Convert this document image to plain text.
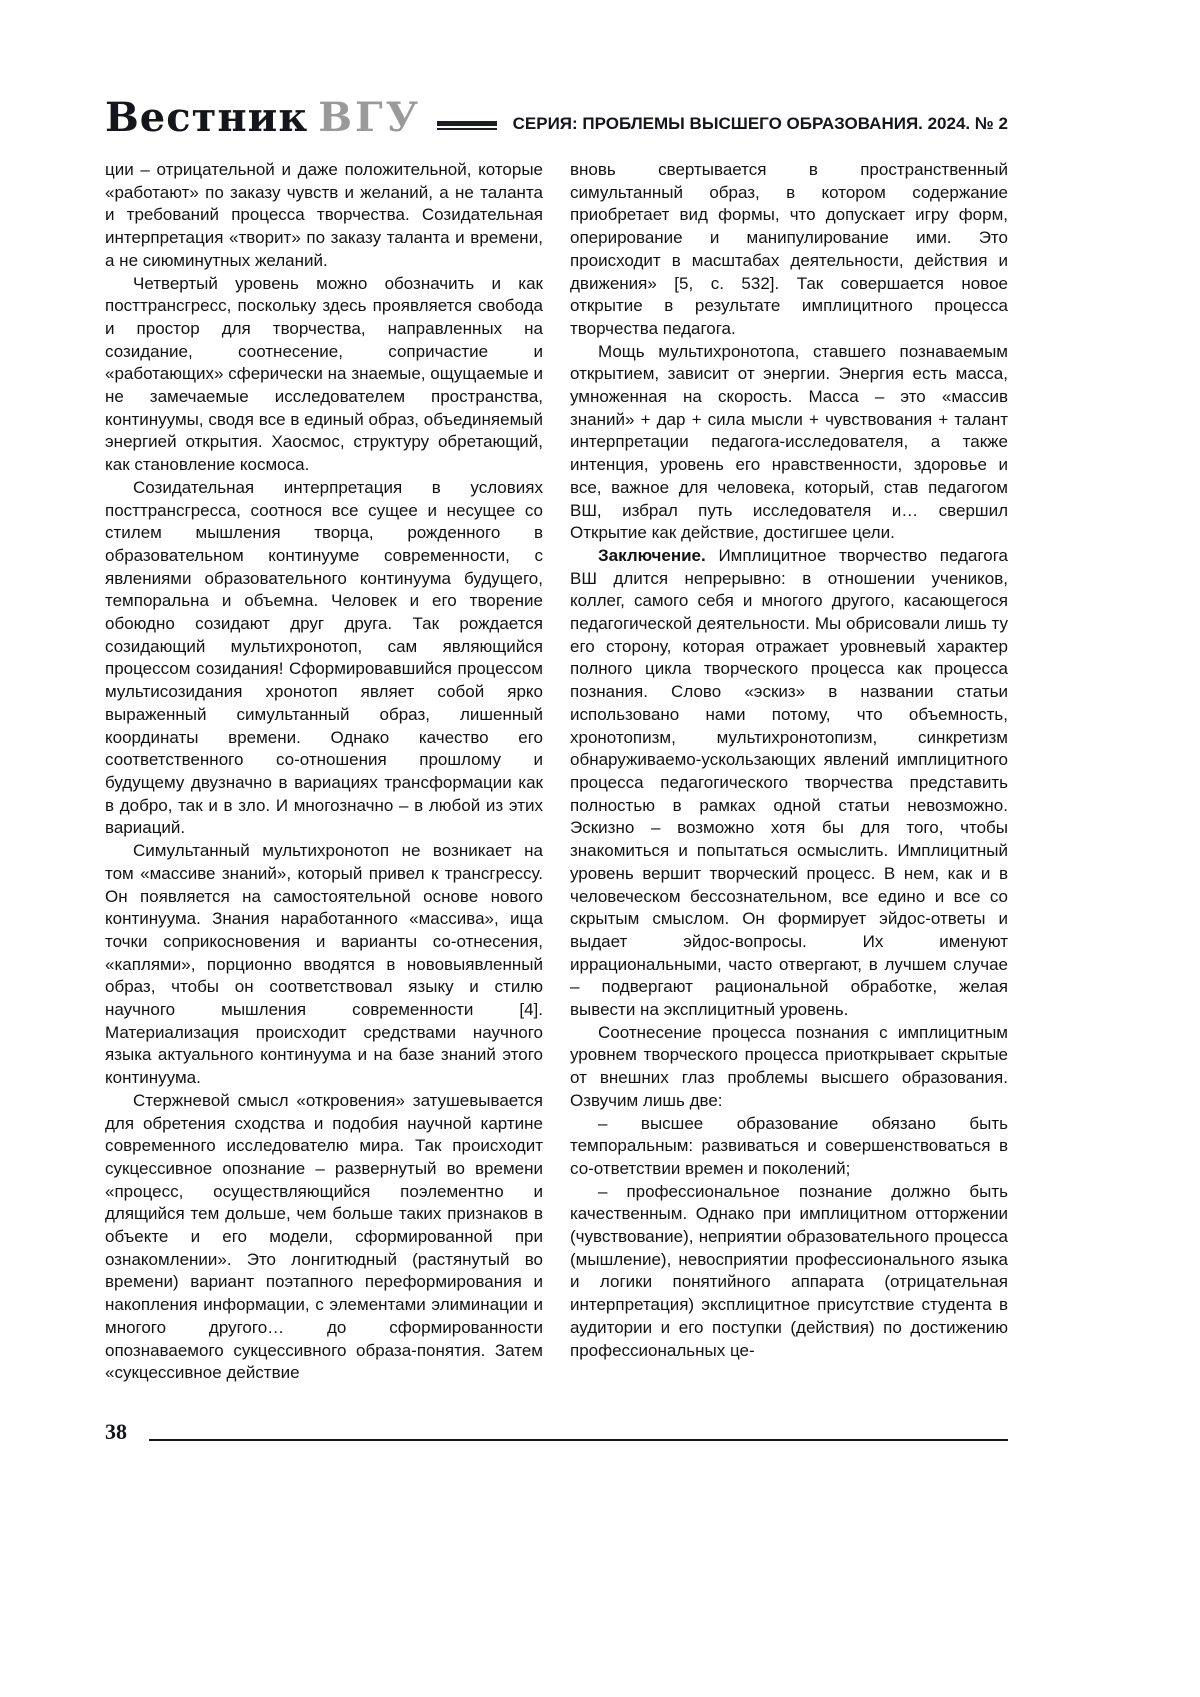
Вестник ВГУ	СЕРИЯ: ПРОБЛЕМЫ ВЫСШЕГО ОБРАЗОВАНИЯ. 2024. № 2

ции – отрицательной и даже положительной, которые «работают» по заказу чувств и желаний, а не таланта и требований процесса творчества. Созидательная интерпретация «творит» по заказу таланта и времени, а не сиюминутных желаний.

Четвертый уровень можно обозначить и как посттрансгресс, поскольку здесь проявляется свобода и простор для творчества, направленных на созидание, соотнесение, сопричастие и «работающих» сферически на знаемые, ощущаемые и не замечаемые исследователем пространства, континуумы, сводя все в единый образ, объединяемый энергией открытия. Хаосмос, структуру обретающий, как становление космоса.

Созидательная интерпретация в условиях посттрансгресса, соотнося все сущее и несущее со стилем мышления творца, рожденного в образовательном континууме современности, с явлениями образовательного континуума будущего, темпоральна и объемна. Человек и его творение обоюдно созидают друг друга. Так рождается созидающий мультихронотоп, сам являющийся процессом созидания! Сформировавшийся процессом мультисозидания хронотоп являет собой ярко выраженный симультанный образ, лишенный координаты времени. Однако качество его соответственного со-отношения прошлому и будущему двузначно в вариациях трансформации как в добро, так и в зло. И многозначно – в любой из этих вариаций.

Симультанный мультихронотоп не возникает на том «массиве знаний», который привел к трансгрессу. Он появляется на самостоятельной основе нового континуума. Знания наработанного «массива», ища точки соприкосновения и варианты со-отнесения, «каплями», порционно вводятся в нововыявленный образ, чтобы он соответствовал языку и стилю научного мышления современности [4]. Материализация происходит средствами научного языка актуального континуума и на базе знаний этого континуума.

Стержневой смысл «откровения» затушевывается для обретения сходства и подобия научной картине современного исследователю мира. Так происходит сукцессивное опознание – развернутый во времени «процесс, осуществляющийся поэлементно и длящийся тем дольше, чем больше таких признаков в объекте и его модели, сформированной при ознакомлении». Это лонгитюдный (растянутый во времени) вариант поэтапного переформирования и накопления информации, с элементами элиминации и многого другого… до сформированности опознаваемого сукцессивного образа-понятия. Затем «сукцессивное действие

вновь свертывается в пространственный симультанный образ, в котором содержание приобретает вид формы, что допускает игру форм, оперирование и манипулирование ими. Это происходит в масштабах деятельности, действия и движения» [5, с. 532]. Так совершается новое открытие в результате имплицитного процесса творчества педагога.

Мощь мультихронотопа, ставшего познаваемым открытием, зависит от энергии. Энергия есть масса, умноженная на скорость. Масса – это «массив знаний» + дар + сила мысли + чувствования + талант интерпретации педагога-исследователя, а также интенция, уровень его нравственности, здоровье и все, важное для человека, который, став педагогом ВШ, избрал путь исследователя и… свершил Открытие как действие, достигшее цели.

Заключение. Имплицитное творчество педагога ВШ длится непрерывно: в отношении учеников, коллег, самого себя и многого другого, касающегося педагогической деятельности. Мы обрисовали лишь ту его сторону, которая отражает уровневый характер полного цикла творческого процесса как процесса познания. Слово «эскиз» в названии статьи использовано нами потому, что объемность, хронотопизм, мультихронотопизм, синкретизм обнаруживаемо-ускользающих явлений имплицитного процесса педагогического творчества представить полностью в рамках одной статьи невозможно. Эскизно – возможно хотя бы для того, чтобы знакомиться и попытаться осмыслить. Имплицитный уровень вершит творческий процесс. В нем, как и в человеческом бессознательном, все едино и все со скрытым смыслом. Он формирует эйдос-ответы и выдает эйдос-вопросы. Их именуют иррациональными, часто отвергают, в лучшем случае – подвергают рациональной обработке, желая вывести на эксплицитный уровень.

Соотнесение процесса познания с имплицитным уровнем творческого процесса приоткрывает скрытые от внешних глаз проблемы высшего образования. Озвучим лишь две:

– высшее образование обязано быть темпоральным: развиваться и совершенствоваться в со-ответствии времен и поколений;

– профессиональное познание должно быть качественным. Однако при имплицитном отторжении (чувствование), неприятии образовательного процесса (мышление), невосприятии профессионального языка и логики понятийного аппарата (отрицательная интерпретация) эксплицитное присутствие студента в аудитории и его поступки (действия) по достижению профессиональных це-

38
